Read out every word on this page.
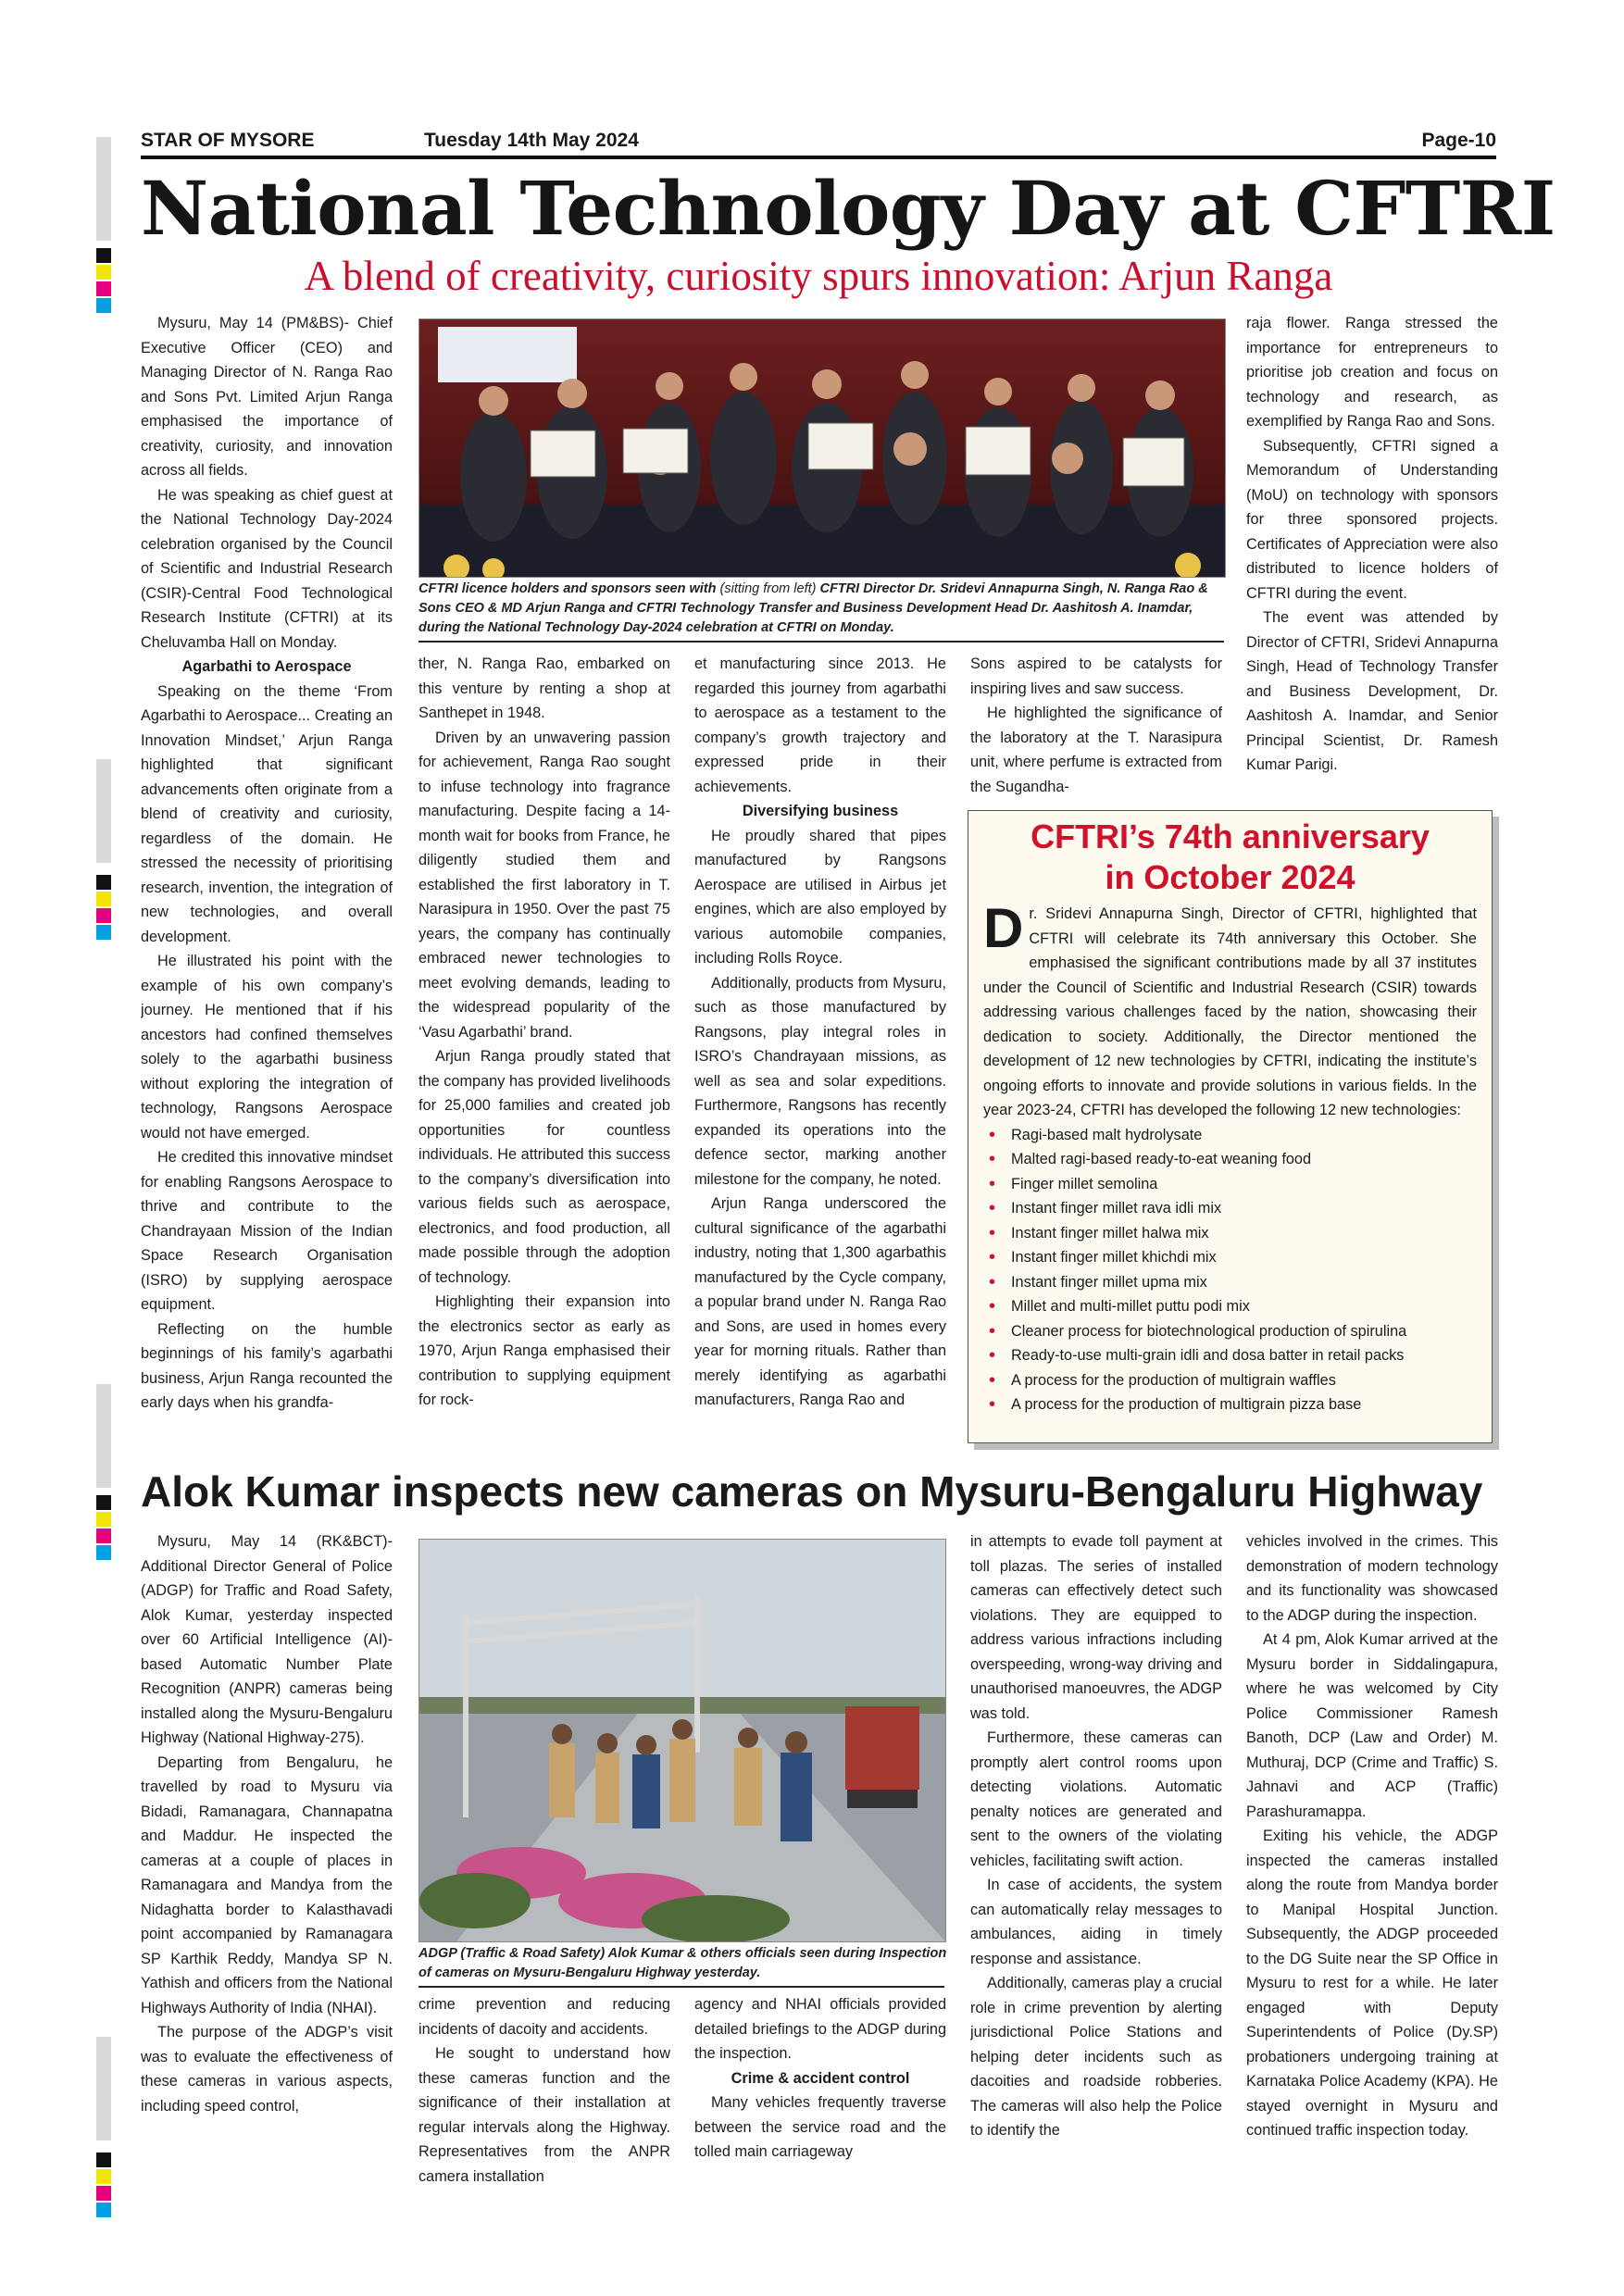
STAR OF MYSORE	Tuesday 14th May 2024	Page-10
National Technology Day at CFTRI
A blend of creativity, curiosity spurs innovation: Arjun Ranga

Mysuru, May 14 (PM&BS)- Chief Executive Officer (CEO) and Managing Director of N. Ranga Rao and Sons Pvt. Limited Arjun Ranga emphasised the importance of creativity, curiosity, and innovation across all fields.

He was speaking as chief guest at the National Technology Day-2024 celebration organised by the Council of Scientific and Industrial Research (CSIR)-Central Food Technological Research Institute (CFTRI) at its Cheluvamba Hall on Monday.

Agarbathi to Aerospace

Speaking on the theme ‘From Agarbathi to Aerospace... Creating an Innovation Mindset,’ Arjun Ranga highlighted that significant advancements often originate from a blend of creativity and curiosity, regardless of the domain. He stressed the necessity of prioritising research, invention, the integration of new technologies, and overall development.

He illustrated his point with the example of his own company’s journey. He mentioned that if his ancestors had confined themselves solely to the agarbathi business without exploring the integration of technology, Rangsons Aerospace would not have emerged.

He credited this innovative mindset for enabling Rangsons Aerospace to thrive and contribute to the Chandrayaan Mission of the Indian Space Research Organisation (ISRO) by supplying aerospace equipment.

Reflecting on the humble beginnings of his family’s agarbathi business, Arjun Ranga recounted the early days when his grandfa-

CFTRI licence holders and sponsors seen with (sitting from left) CFTRI Director Dr. Sridevi Annapurna Singh, N. Ranga Rao & Sons CEO & MD Arjun Ranga and CFTRI Technology Transfer and Business Development Head Dr. Aashitosh A. Inamdar, during the National Technology Day-2024 celebration at CFTRI on Monday.

ther, N. Ranga Rao, embarked on this venture by renting a shop at Santhepet in 1948.

Driven by an unwavering passion for achievement, Ranga Rao sought to infuse technology into fragrance manufacturing. Despite facing a 14-month wait for books from France, he diligently studied them and established the first laboratory in T. Narasipura in 1950. Over the past 75 years, the company has continually embraced newer technologies to meet evolving demands, leading to the widespread popularity of the ‘Vasu Agarbathi’ brand.

Arjun Ranga proudly stated that the company has provided livelihoods for 25,000 families and created job opportunities for countless individuals. He attributed this success to the company’s diversification into various fields such as aerospace, electronics, and food production, all made possible through the adoption of technology.

Highlighting their expansion into the electronics sector as early as 1970, Arjun Ranga emphasised their contribution to supplying equipment for rock-

et manufacturing since 2013. He regarded this journey from agarbathi to aerospace as a testament to the company’s growth trajectory and expressed pride in their achievements.

Diversifying business

He proudly shared that pipes manufactured by Rangsons Aerospace are utilised in Airbus jet engines, which are also employed by various automobile companies, including Rolls Royce.

Additionally, products from Mysuru, such as those manufactured by Rangsons, play integral roles in ISRO’s Chandrayaan missions, as well as sea and solar expeditions. Furthermore, Rangsons has recently expanded its operations into the defence sector, marking another milestone for the company, he noted.

Arjun Ranga underscored the cultural significance of the agarbathi industry, noting that 1,300 agarbathis manufactured by the Cycle company, a popular brand under N. Ranga Rao and Sons, are used in homes every year for morning rituals. Rather than merely identifying as agarbathi manufacturers, Ranga Rao and

Sons aspired to be catalysts for inspiring lives and saw success.

He highlighted the significance of the laboratory at the T. Narasipura unit, where perfume is extracted from the Sugandha-

raja flower. Ranga stressed the importance for entrepreneurs to prioritise job creation and focus on technology and research, as exemplified by Ranga Rao and Sons.

Subsequently, CFTRI signed a Memorandum of Understanding (MoU) on technology with sponsors for three sponsored projects. Certificates of Appreciation were also distributed to licence holders of CFTRI during the event.

The event was attended by Director of CFTRI, Sridevi Annapurna Singh, Head of Technology Transfer and Business Development, Dr. Aashitosh A. Inamdar, and Senior Principal Scientist, Dr. Ramesh Kumar Parigi.

CFTRI’s 74th anniversary
in October 2024
Dr. Sridevi Annapurna Singh, Director of CFTRI, highlighted that CFTRI will celebrate its 74th anniversary this October. She emphasised the significant contributions made by all 37 institutes under the Council of Scientific and Industrial Research (CSIR) towards addressing various challenges faced by the nation, showcasing their dedication to society. Additionally, the Director mentioned the development of 12 new technologies by CFTRI, indicating the institute’s ongoing efforts to innovate and provide solutions in various fields. In the year 2023-24, CFTRI has developed the following 12 new technologies:
• Ragi-based malt hydrolysate
• Malted ragi-based ready-to-eat weaning food
• Finger millet semolina
• Instant finger millet rava idli mix
• Instant finger millet halwa mix
• Instant finger millet khichdi mix
• Instant finger millet upma mix
• Millet and multi-millet puttu podi mix
• Cleaner process for biotechnological production of spirulina
• Ready-to-use multi-grain idli and dosa batter in retail packs
• A process for the production of multigrain waffles
• A process for the production of multigrain pizza base
Alok Kumar inspects new cameras on Mysuru-Bengaluru Highway

Mysuru, May 14 (RK&BCT)- Additional Director General of Police (ADGP) for Traffic and Road Safety, Alok Kumar, yesterday inspected over 60 Artificial Intelligence (AI)-based Automatic Number Plate Recognition (ANPR) cameras being installed along the Mysuru-Bengaluru Highway (National Highway-275).

Departing from Bengaluru, he travelled by road to Mysuru via Bidadi, Ramanagara, Channapatna and Maddur. He inspected the cameras at a couple of places in Ramanagara and Mandya from the Nidaghatta border to Kalasthavadi point accompanied by Ramanagara SP Karthik Reddy, Mandya SP N. Yathish and officers from the National Highways Authority of India (NHAI).

The purpose of the ADGP’s visit was to evaluate the effectiveness of these cameras in various aspects, including speed control,

ADGP (Traffic & Road Safety) Alok Kumar & others officials seen during Inspection of cameras on Mysuru-Bengaluru Highway yesterday.

crime prevention and reducing incidents of dacoity and accidents.

He sought to understand how these cameras function and the significance of their installation at regular intervals along the Highway. Representatives from the ANPR camera installation

agency and NHAI officials provided detailed briefings to the ADGP during the inspection.

Crime & accident control

Many vehicles frequently traverse between the service road and the tolled main carriageway

in attempts to evade toll payment at toll plazas. The series of installed cameras can effectively detect such violations. They are equipped to address various infractions including overspeeding, wrong-way driving and unauthorised manoeuvres, the ADGP was told.

Furthermore, these cameras can promptly alert control rooms upon detecting violations. Automatic penalty notices are generated and sent to the owners of the violating vehicles, facilitating swift action.

In case of accidents, the system can automatically relay messages to ambulances, aiding in timely response and assistance.

Additionally, cameras play a crucial role in crime prevention by alerting jurisdictional Police Stations and helping deter incidents such as dacoities and roadside robberies. The cameras will also help the Police to identify the

vehicles involved in the crimes. This demonstration of modern technology and its functionality was showcased to the ADGP during the inspection.

At 4 pm, Alok Kumar arrived at the Mysuru border in Siddalingapura, where he was welcomed by City Police Commissioner Ramesh Banoth, DCP (Law and Order) M. Muthuraj, DCP (Crime and Traffic) S. Jahnavi and ACP (Traffic) Parashuramappa.

Exiting his vehicle, the ADGP inspected the cameras installed along the route from Mandya border to Manipal Hospital Junction. Subsequently, the ADGP proceeded to the DG Suite near the SP Office in Mysuru to rest for a while. He later engaged with Deputy Superintendents of Police (Dy.SP) probationers undergoing training at Karnataka Police Academy (KPA). He stayed overnight in Mysuru and continued traffic inspection today.
